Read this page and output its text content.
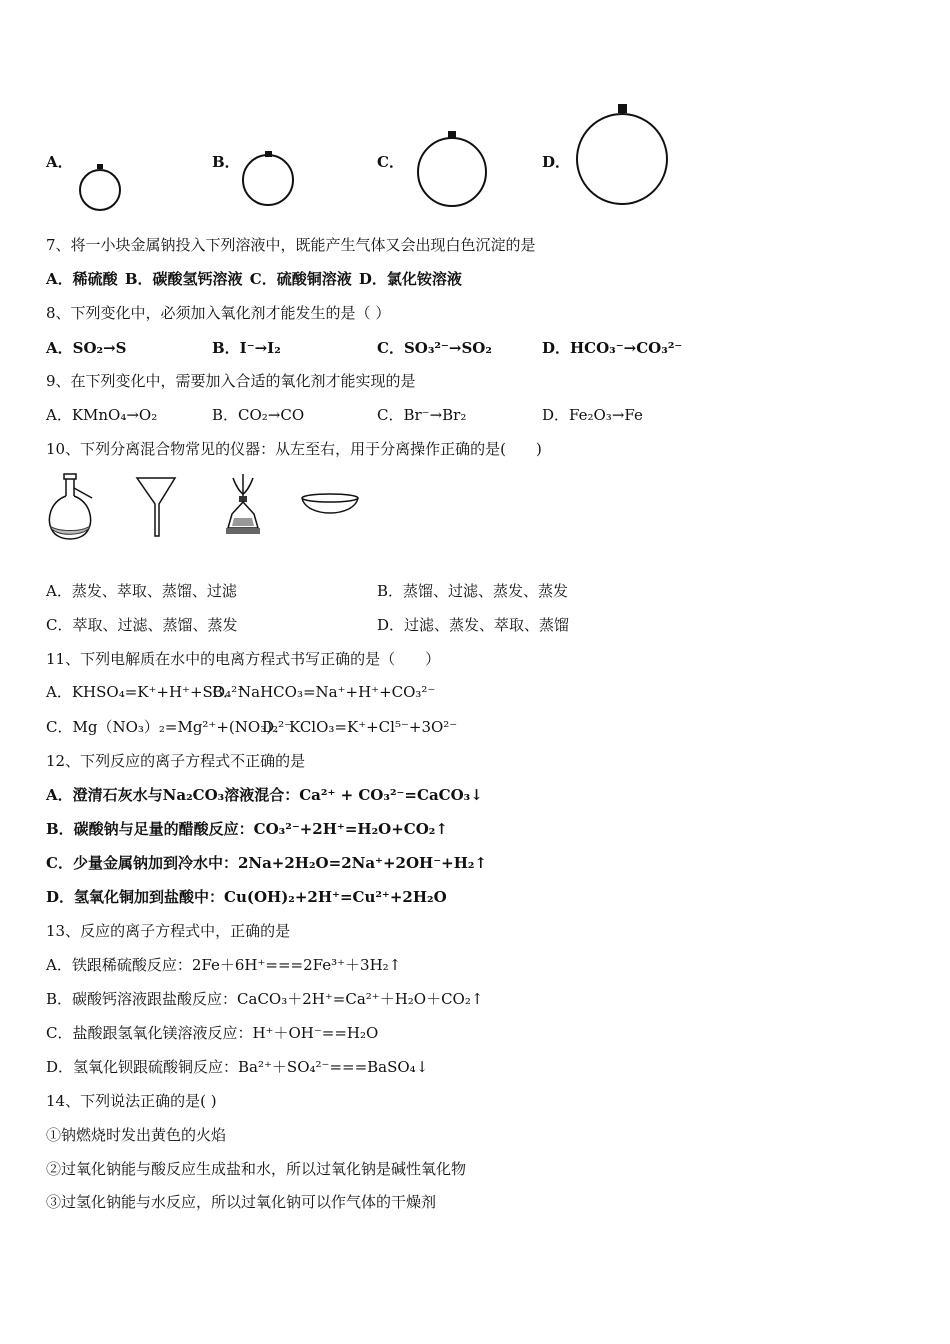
A．	B．	C．	D．
7、将一小块金属钠投入下列溶液中，既能产生气体又会出现白色沉淀的是
A．稀硫酸 B．碳酸氢钙溶液 C．硫酸铜溶液 D．氯化铵溶液
8、下列变化中，必须加入氧化剂才能发生的是（ ）
A．SO₂→S	B．I⁻→I₂	C．SO₃²⁻→SO₂	D．HCO₃⁻→CO₃²⁻
9、在下列变化中，需要加入合适的氧化剂才能实现的是
A．KMnO₄→O₂	B．CO₂→CO	C．Br⁻→Br₂	D．Fe₂O₃→Fe
10、下列分离混合物常见的仪器：从左至右，用于分离操作正确的是(　　)
A．蒸发、萃取、蒸馏、过滤	B．蒸馏、过滤、蒸发、蒸发
C．萃取、过滤、蒸馏、蒸发	D．过滤、蒸发、萃取、蒸馏
11、下列电解质在水中的电离方程式书写正确的是（　　）
A．KHSO₄=K⁺+H⁺+SO₄²⁻
B．NaHCO₃=Na⁺+H⁺+CO₃²⁻
C．Mg（NO₃）₂=Mg²⁺+(NO₃)₂²⁻
D．KClO₃=K⁺+Cl⁵⁻+3O²⁻
12、下列反应的离子方程式不正确的是
A．澄清石灰水与Na₂CO₃溶液混合：Ca²⁺ + CO₃²⁻=CaCO₃↓
B．碳酸钠与足量的醋酸反应：CO₃²⁻+2H⁺=H₂O+CO₂↑
C．少量金属钠加到冷水中：2Na+2H₂O=2Na⁺+2OH⁻+H₂↑
D．氢氧化铜加到盐酸中：Cu(OH)₂+2H⁺=Cu²⁺+2H₂O
13、反应的离子方程式中，正确的是
A．铁跟稀硫酸反应：2Fe＋6H⁺===2Fe³⁺＋3H₂↑
B．碳酸钙溶液跟盐酸反应：CaCO₃＋2H⁺=Ca²⁺＋H₂O＋CO₂↑
C．盐酸跟氢氧化镁溶液反应：H⁺＋OH⁻==H₂O
D．氢氧化钡跟硫酸铜反应：Ba²⁺＋SO₄²⁻===BaSO₄↓
14、下列说法正确的是( )
①钠燃烧时发出黄色的火焰
②过氧化钠能与酸反应生成盐和水，所以过氧化钠是碱性氧化物
③过氢化钠能与水反应，所以过氧化钠可以作气体的干燥剂
